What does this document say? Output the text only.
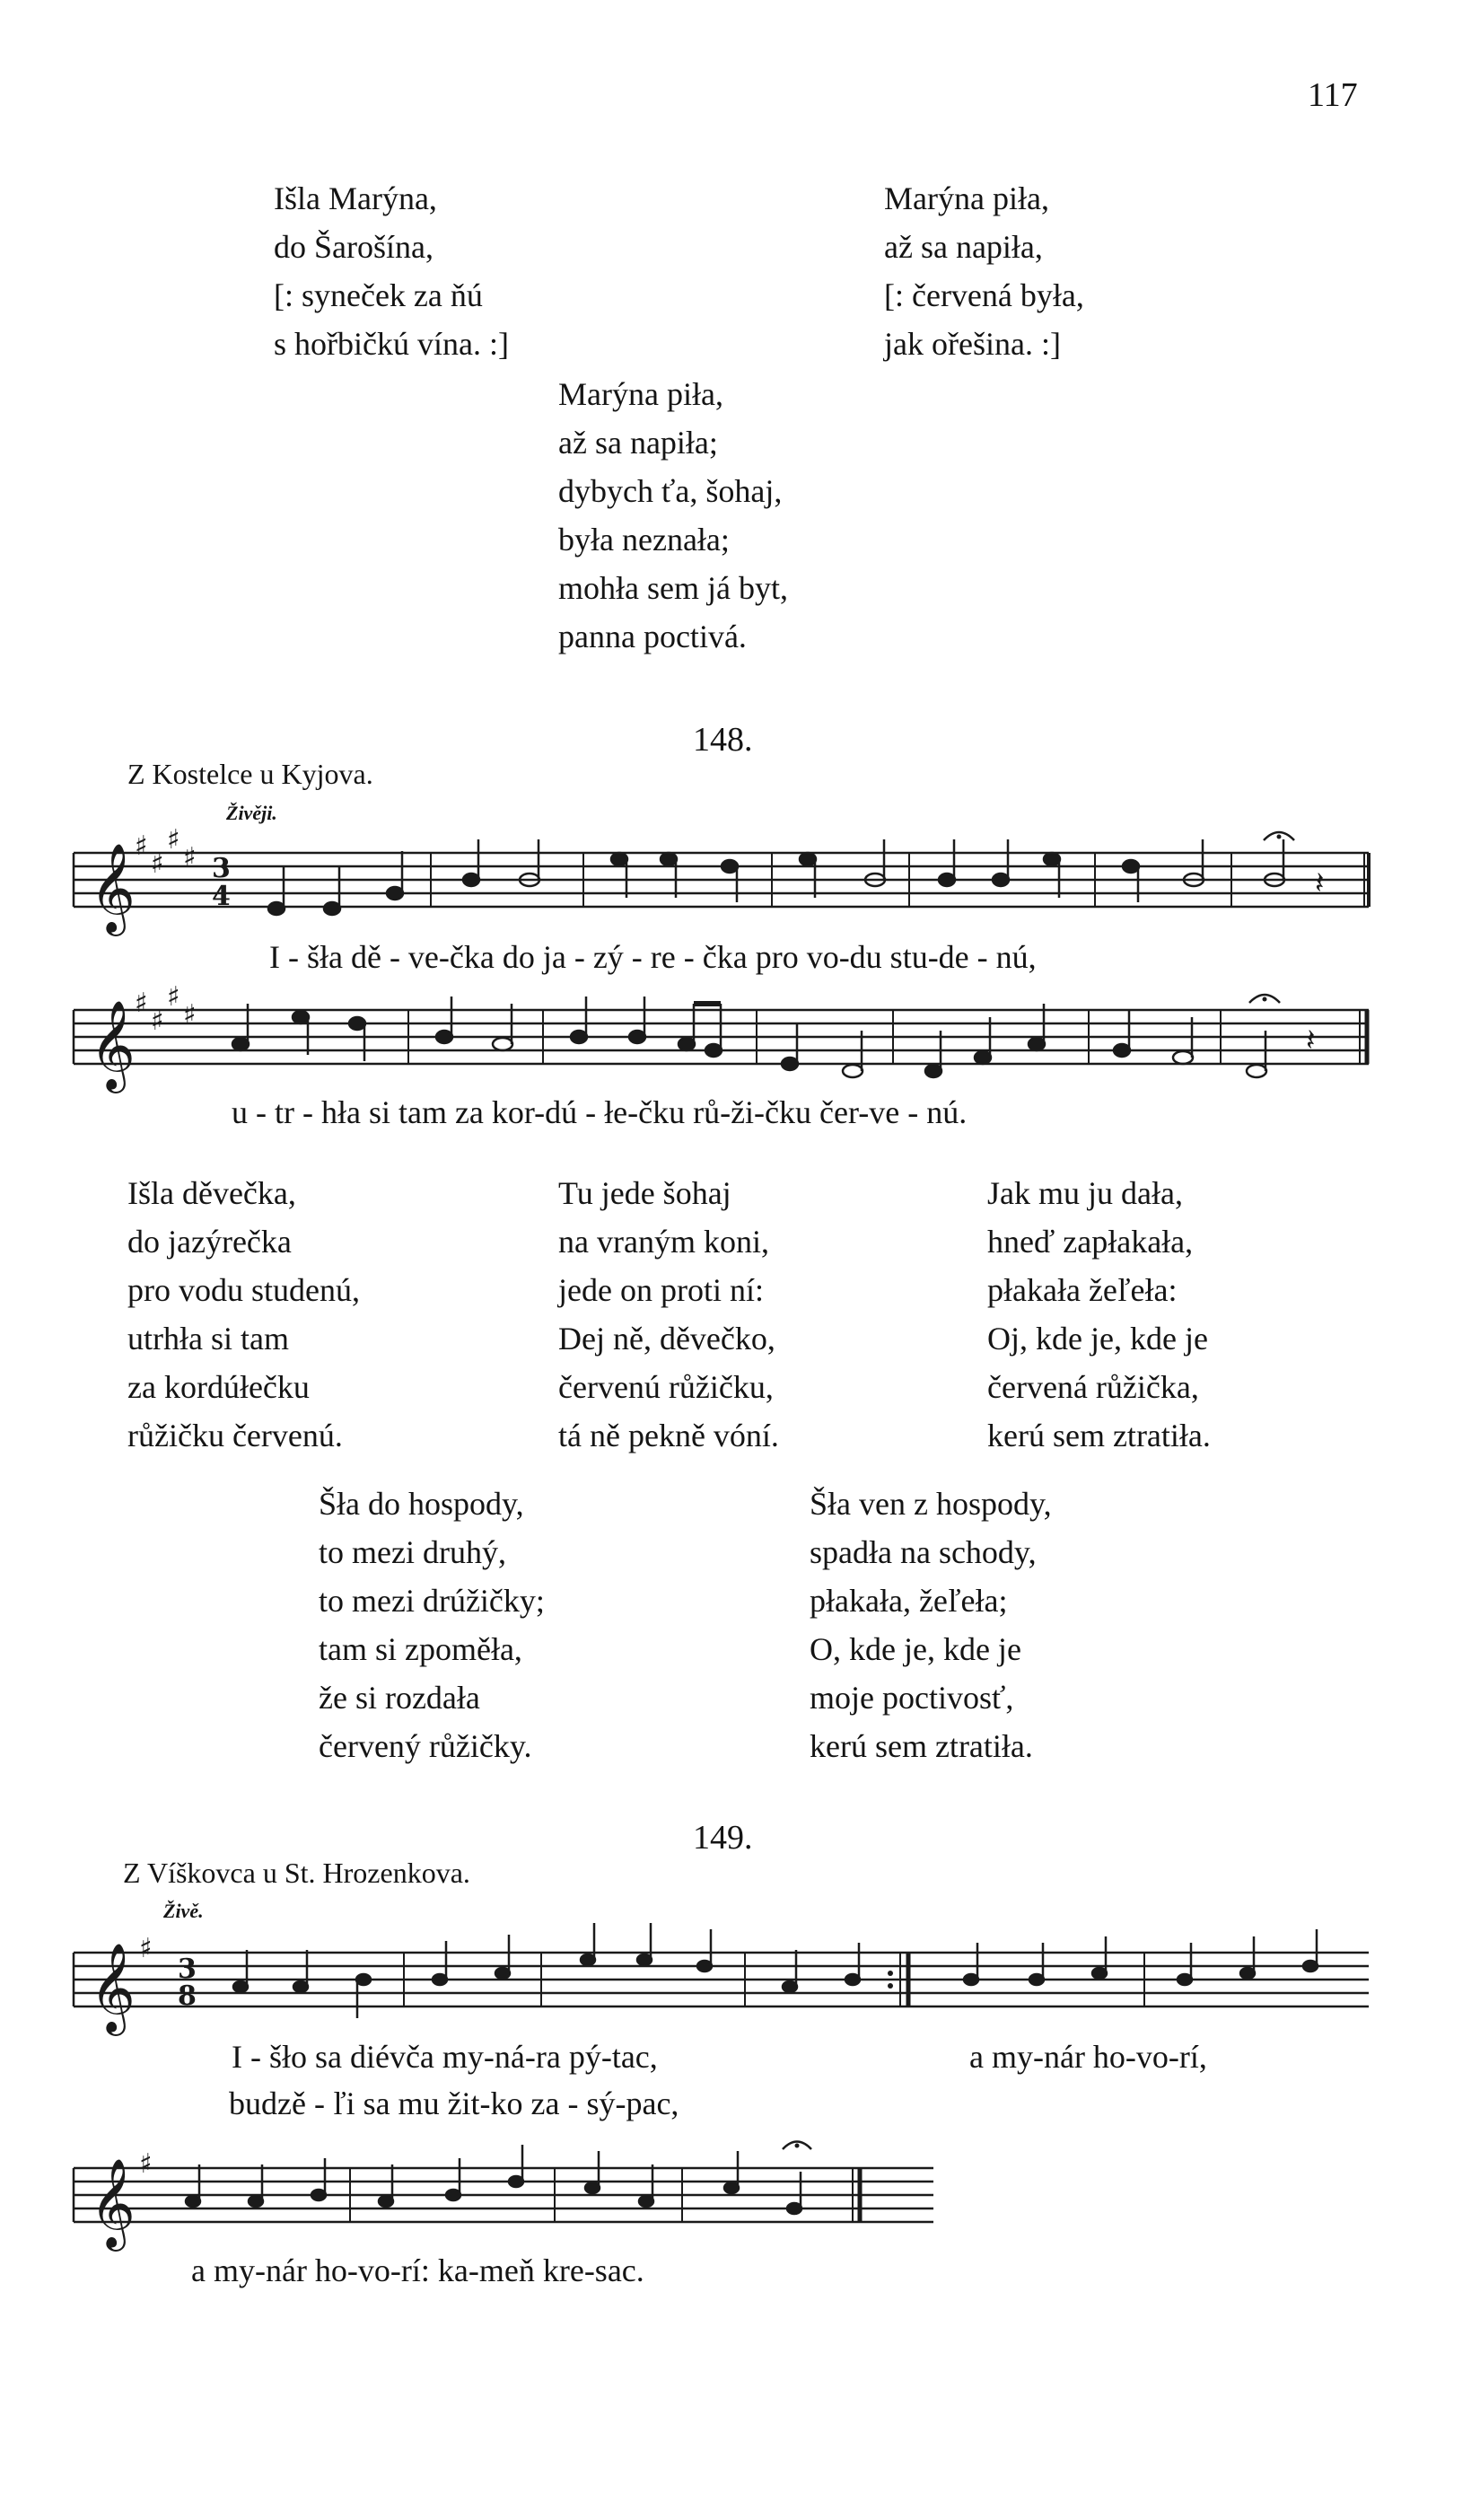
117
Išla Marýna,
do Šarošína,
[: syneček za ňú
s hořbičkú vína. :]
Marýna piła,
až sa napiła,
[: červená była,
jak ořešina. :]
Marýna piła,
až sa napiła;
dybych ťa, šohaj,
była neznała;
mohła sem já byt,
panna poctivá.
148.
Z Kostelce u Kyjova.
Živěji.
𝄞 ♯
♯
♯
♯ 3
4	𝄽
𝄞 ♯
♯
♯
♯
𝄽
I - šła dě - ve-čka do ja - zý - re - čka pro vo-du stu-de - nú,
u - tr - hła si tam za kor-dú - łe-čku rů-ži-čku čer-ve - nú.
Išla děvečka,
do jazýrečka
pro vodu studenú,
utrhła si tam
za kordúłečku
růžičku červenú.
Tu jede šohaj
na vraným koni,
jede on proti ní:
Dej ně, děvečko,
červenú růžičku,
tá ně pekně vóní.
Jak mu ju dała,
hneď zapłakała,
płakała žeľeła:
Oj, kde je, kde je
červená růžička,
kerú sem ztratiła.
Šła do hospody,
to mezi druhý,
to mezi drúžičky;
tam si zpoměła,
že si rozdała
červený růžičky.
Šła ven z hospody,
spadła na schody,
płakała, žeľeła;
O, kde je, kde je
moje poctivosť,
kerú sem ztratiła.
149.
Z Víškovca u St. Hrozenkova.
Živě.
𝄞 ♯
3
8
𝄞 ♯
I - šło sa diévča my-ná-ra pý-tac,	a my-nár ho-vo-rí,
budzě - ľi sa mu žit-ko za - sý-pac,
a my-nár ho-vo-rí: ka-meň kre-sac.
